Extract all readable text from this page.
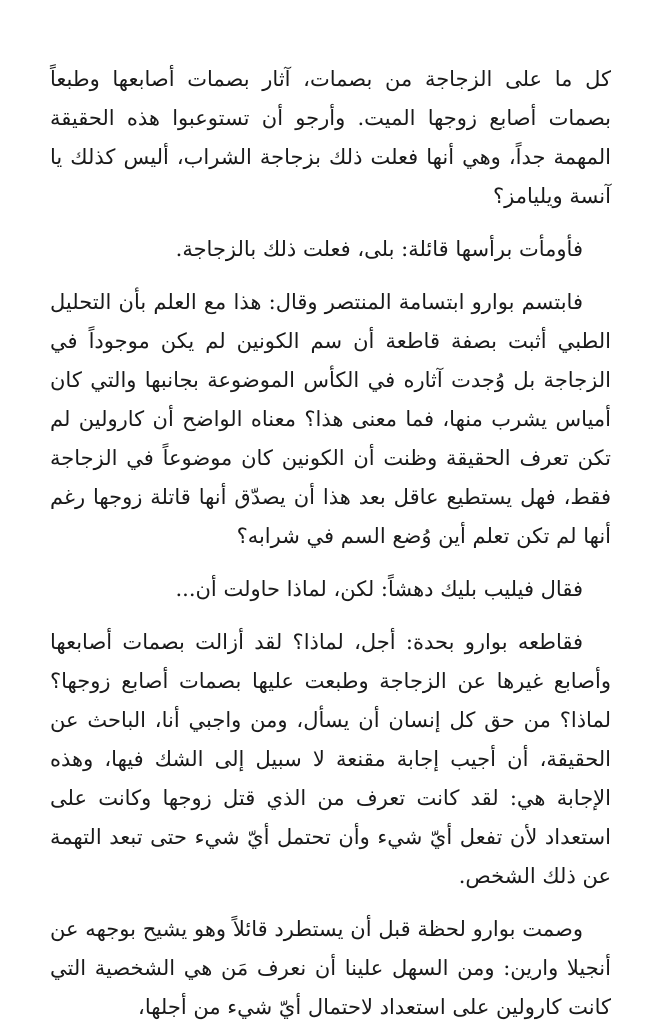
كل ما على الزجاجة من بصمات، آثار بصمات أصابعها وطبعاً بصمات أصابع زوجها الميت. وأرجو أن تستوعبوا هذه الحقيقة المهمة جداً، وهي أنها فعلت ذلك بزجاجة الشراب، أليس كذلك يا آنسة ويليامز؟

فأومأت برأسها قائلة: بلى، فعلت ذلك بالزجاجة.

فابتسم بوارو ابتسامة المنتصر وقال: هذا مع العلم بأن التحليل الطبي أثبت بصفة قاطعة أن سم الكونين لم يكن موجوداً في الزجاجة بل وُجدت آثاره في الكأس الموضوعة بجانبها والتي كان أمياس يشرب منها، فما معنى هذا؟ معناه الواضح أن كارولين لم تكن تعرف الحقيقة وظنت أن الكونين كان موضوعاً في الزجاجة فقط، فهل يستطيع عاقل بعد هذا أن يصدّق أنها قاتلة زوجها رغم أنها لم تكن تعلم أين وُضع السم في شرابه؟

فقال فيليب بليك دهشاً: لكن، لماذا حاولت أن...

فقاطعه بوارو بحدة: أجل، لماذا؟ لقد أزالت بصمات أصابعها وأصابع غيرها عن الزجاجة وطبعت عليها بصمات أصابع زوجها؟ لماذا؟ من حق كل إنسان أن يسأل، ومن واجبي أنا، الباحث عن الحقيقة، أن أجيب إجابة مقنعة لا سبيل إلى الشك فيها، وهذه الإجابة هي: لقد كانت تعرف من الذي قتل زوجها وكانت على استعداد لأن تفعل أيّ شيء وأن تحتمل أيّ شيء حتى تبعد التهمة عن ذلك الشخص.

وصمت بوارو لحظة قبل أن يستطرد قائلاً وهو يشيح بوجهه عن أنجيلا وارين: ومن السهل علينا أن نعرف مَن هي الشخصية التي كانت كارولين على استعداد لاحتمال أيّ شيء من أجلها،
